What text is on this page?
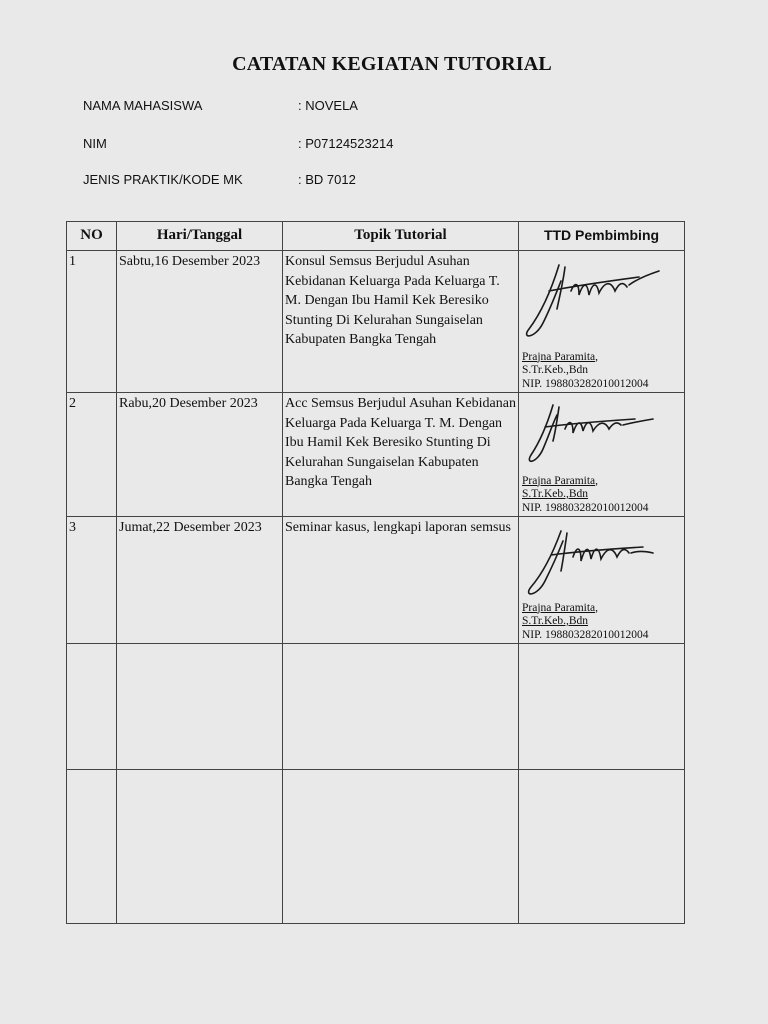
CATATAN KEGIATAN TUTORIAL
NAMA MAHASISWA	: NOVELA
NIM	: P07124523214
JENIS PRAKTIK/KODE MK	: BD 7012
NO	Hari/Tanggal	Topik Tutorial	TTD Pembimbing
1	Sabtu,16 Desember 2023	Konsul Semsus Berjudul Asuhan Kebidanan Keluarga Pada Keluarga T. M. Dengan Ibu Hamil Kek Beresiko Stunting Di Kelurahan Sungaiselan Kabupaten Bangka Tengah	Prajna Paramita,
S.Tr.Keb.,Bdn
NIP. 198803282010012004

2	Rabu,20 Desember 2023	Acc Semsus Berjudul Asuhan Kebidanan Keluarga Pada Keluarga T. M. Dengan Ibu Hamil Kek Beresiko Stunting Di Kelurahan Sungaiselan Kabupaten Bangka Tengah	Prajna Paramita,
S.Tr.Keb.,Bdn
NIP. 198803282010012004

3	Jumat,22 Desember 2023	Seminar kasus, lengkapi laporan semsus	Prajna Paramita,
S.Tr.Keb.,Bdn
NIP. 198803282010012004
